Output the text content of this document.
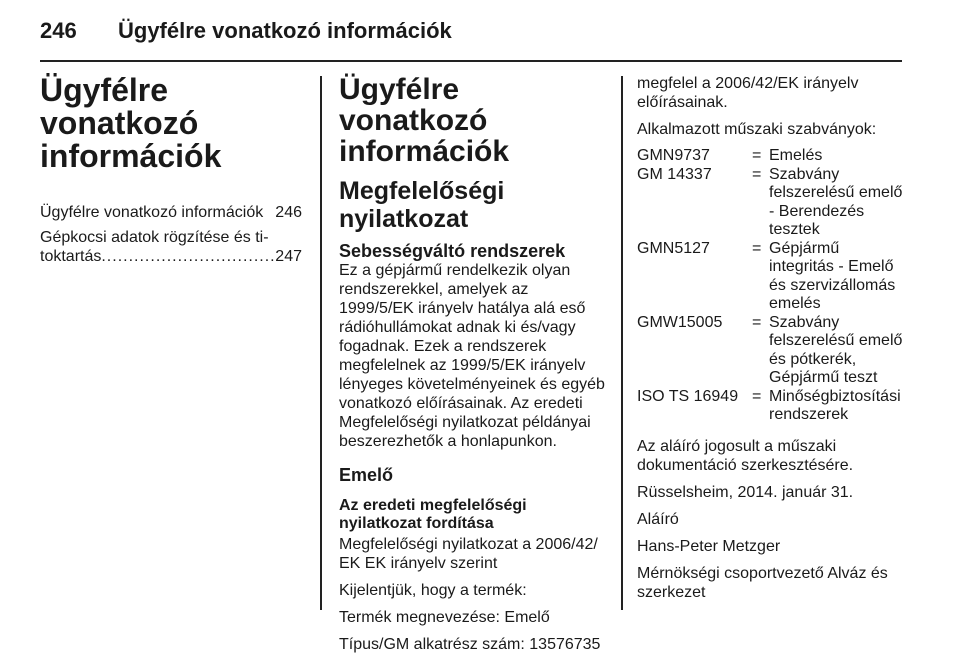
246 Ügyfélre vonatkozó információk
Ügyfélre vonatkozó információk
Ügyfélre vonatkozó információk 246
Gépkocsi adatok rögzítése és ti-
toktartás
.....	247
Ügyfélre vonatkozó információk
Megfelelőségi nyilatkozat
Sebességváltó rendszerek

Ez a gépjármű rendelkezik olyan rendszerekkel, amelyek az 1999/5/EK irányelv hatálya alá eső rádióhullámokat adnak ki és/vagy fogadnak. Ezek a rendszerek megfelelnek az 1999/5/EK irányelv lényeges követelményeinek és egyéb vonatkozó előírásainak. Az eredeti Megfelelőségi nyilatkozat példányai beszerezhetők a honlapunkon.

Emelő
Az eredeti megfelelőségi nyilatkozat fordítása

Megfelelőségi nyilatkozat a 2006/42/ EK EK irányelv szerint

Kijelentjük, hogy a termék:

Termék megnevezése: Emelő

Típus/GM alkatrész szám: 13576735

megfelel a 2006/42/EK irányelv előírásainak.

Alkalmazott műszaki szabványok:

GMN9737	= Emelés
GM 14337	= Szabvány felszerelésű emelő - Berendezés tesztek
GMN5127	= Gépjármű integritás - Emelő és szervizállomás emelés
GMW15005	= Szabvány felszerelésű emelő és pótkerék, Gépjármű teszt
ISO TS 16949 = Minőségbiztosítási rendszerek

Az aláíró jogosult a műszaki dokumentáció szerkesztésére.

Rüsselsheim, 2014. január 31.

Aláíró

Hans-Peter Metzger

Mérnökségi csoportvezető Alváz és szerkezet
